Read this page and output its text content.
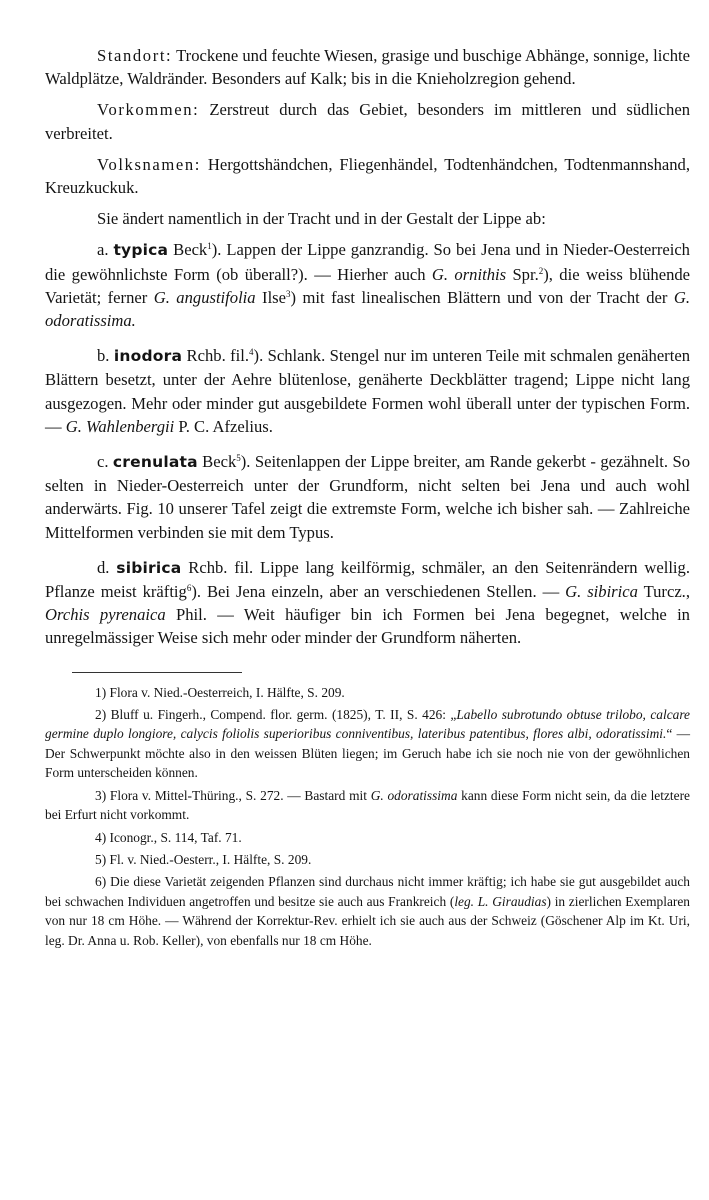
Standort: Trockene und feuchte Wiesen, grasige und buschige Abhänge, sonnige, lichte Waldplätze, Waldränder. Besonders auf Kalk; bis in die Knieholzregion gehend.

Vorkommen: Zerstreut durch das Gebiet, besonders im mittleren und südlichen verbreitet.

Volksnamen: Hergottshändchen, Fliegenhändel, Todtenhändchen, Todtenmannshand, Kreuzkuckuk.

Sie ändert namentlich in der Tracht und in der Gestalt der Lippe ab:

a. typica Beck$^1$). Lappen der Lippe ganzrandig. So bei Jena und in Nieder-Oesterreich die gewöhnlichste Form (ob überall?). — Hierher auch G. ornithis Spr.$^2$), die weiss blühende Varietät; ferner G. angustifolia Ilse$^3$) mit fast linealischen Blättern und von der Tracht der G. odoratissima.

b. inodora Rchb. fil.$^4$). Schlank. Stengel nur im unteren Teile mit schmalen genäherten Blättern besetzt, unter der Aehre blütenlose, genäherte Deckblätter tragend; Lippe nicht lang ausgezogen. Mehr oder minder gut ausgebildete Formen wohl überall unter der typischen Form. — G. Wahlenbergii P. C. Afzelius.

c. crenulata Beck$^5$). Seitenlappen der Lippe breiter, am Rande gekerbt - gezähnelt. So selten in Nieder-Oesterreich unter der Grundform, nicht selten bei Jena und auch wohl anderwärts. Fig. 10 unserer Tafel zeigt die extremste Form, welche ich bisher sah. — Zahlreiche Mittelformen verbinden sie mit dem Typus.

d. sibirica Rchb. fil. Lippe lang keilförmig, schmäler, an den Seitenrändern wellig. Pflanze meist kräftig$^6$). Bei Jena einzeln, aber an verschiedenen Stellen. — G. sibirica Turcz., Orchis pyrenaica Phil. — Weit häufiger bin ich Formen bei Jena begegnet, welche in unregelmässiger Weise sich mehr oder minder der Grundform näherten.

1) Flora v. Nied.-Oesterreich, I. Hälfte, S. 209.

2) Bluff u. Fingerh., Compend. flor. germ. (1825), T. II, S. 426: „Labello subrotundo obtuse trilobo, calcare germine duplo longiore, calycis foliolis superioribus conniventibus, lateribus patentibus, flores albi, odoratissimi.“ — Der Schwerpunkt möchte also in den weissen Blüten liegen; im Geruch habe ich sie noch nie von der gewöhnlichen Form unterscheiden können.

3) Flora v. Mittel-Thüring., S. 272. — Bastard mit G. odoratissima kann diese Form nicht sein, da die letztere bei Erfurt nicht vorkommt.

4) Iconogr., S. 114, Taf. 71.

5) Fl. v. Nied.-Oesterr., I. Hälfte, S. 209.

6) Die diese Varietät zeigenden Pflanzen sind durchaus nicht immer kräftig; ich habe sie gut ausgebildet auch bei schwachen Individuen angetroffen und besitze sie auch aus Frankreich (leg. L. Giraudias) in zierlichen Exemplaren von nur 18 cm Höhe. — Während der Korrektur-Rev. erhielt ich sie auch aus der Schweiz (Göschener Alp im Kt. Uri, leg. Dr. Anna u. Rob. Keller), von ebenfalls nur 18 cm Höhe.
